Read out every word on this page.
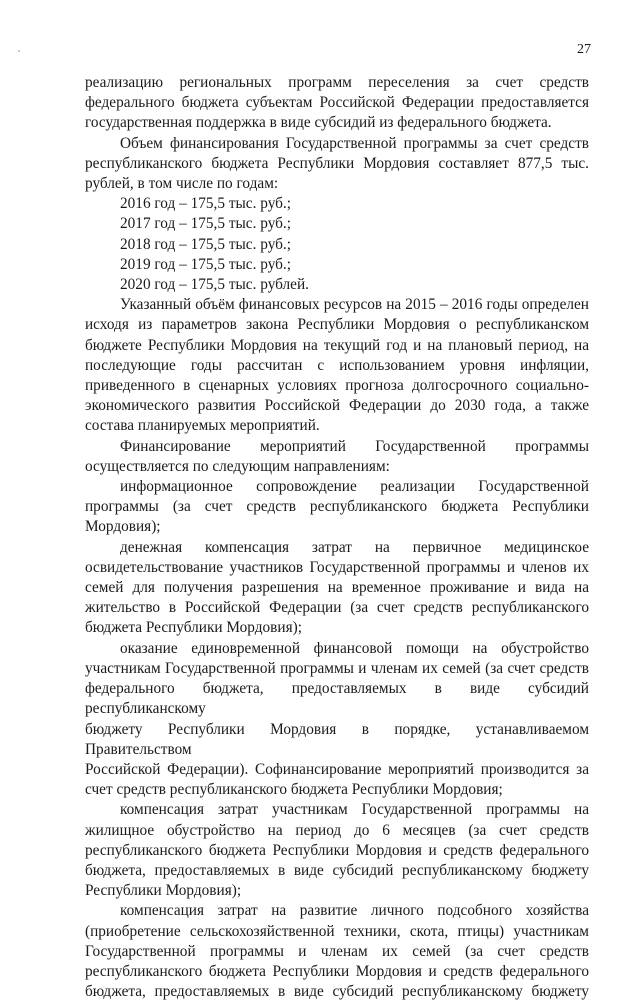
27

реализацию региональных программ переселения за счет средств

федерального бюджета субъектам Российской Федерации предоставляется

государственная поддержка в виде субсидий из федерального бюджета.

Объем финансирования Государственной программы за счет средств

республиканского бюджета Республики Мордовия составляет 877,5 тыс.

рублей, в том числе по годам:

2016 год – 175,5 тыс. руб.;

2017 год – 175,5 тыс. руб.;

2018 год – 175,5 тыс. руб.;

2019 год – 175,5 тыс. руб.;

2020 год – 175,5 тыс. рублей.

Указанный объём финансовых ресурсов на 2015 – 2016 годы определен

исходя из параметров закона Республики Мордовия о республиканском

бюджете Республики Мордовия на текущий год и на плановый период, на

последующие годы рассчитан с использованием уровня инфляции,

приведенного в сценарных условиях прогноза долгосрочного социально-

экономического развития Российской Федерации до 2030 года, а также

состава планируемых мероприятий.

Финансирование мероприятий Государственной программы

осуществляется по следующим направлениям:

информационное сопровождение реализации Государственной

программы (за счет средств республиканского бюджета Республики

Мордовия);

денежная компенсация затрат на первичное медицинское

освидетельствование участников Государственной программы и членов их

семей для получения разрешения на временное проживание и вида на

жительство в Российской Федерации (за счет средств республиканского

бюджета Республики Мордовия);

оказание единовременной финансовой помощи на обустройство

участникам Государственной программы и членам их семей (за счет средств

федерального бюджета, предоставляемых в виде субсидий республиканскому

бюджету Республики Мордовия в порядке, устанавливаемом Правительством

Российской Федерации). Софинансирование мероприятий производится за

счет средств республиканского бюджета Республики Мордовия;

компенсация затрат участникам Государственной программы на

жилищное обустройство на период до 6 месяцев (за счет средств

республиканского бюджета Республики Мордовия и средств федерального

бюджета, предоставляемых в виде субсидий республиканскому бюджету

Республики Мордовия);

компенсация затрат на развитие личного подсобного хозяйства

(приобретение сельскохозяйственной техники, скота, птицы) участникам

Государственной программы и членам их семей (за счет средств

республиканского бюджета Республики Мордовия и средств федерального

бюджета, предоставляемых в виде субсидий республиканскому бюджету
